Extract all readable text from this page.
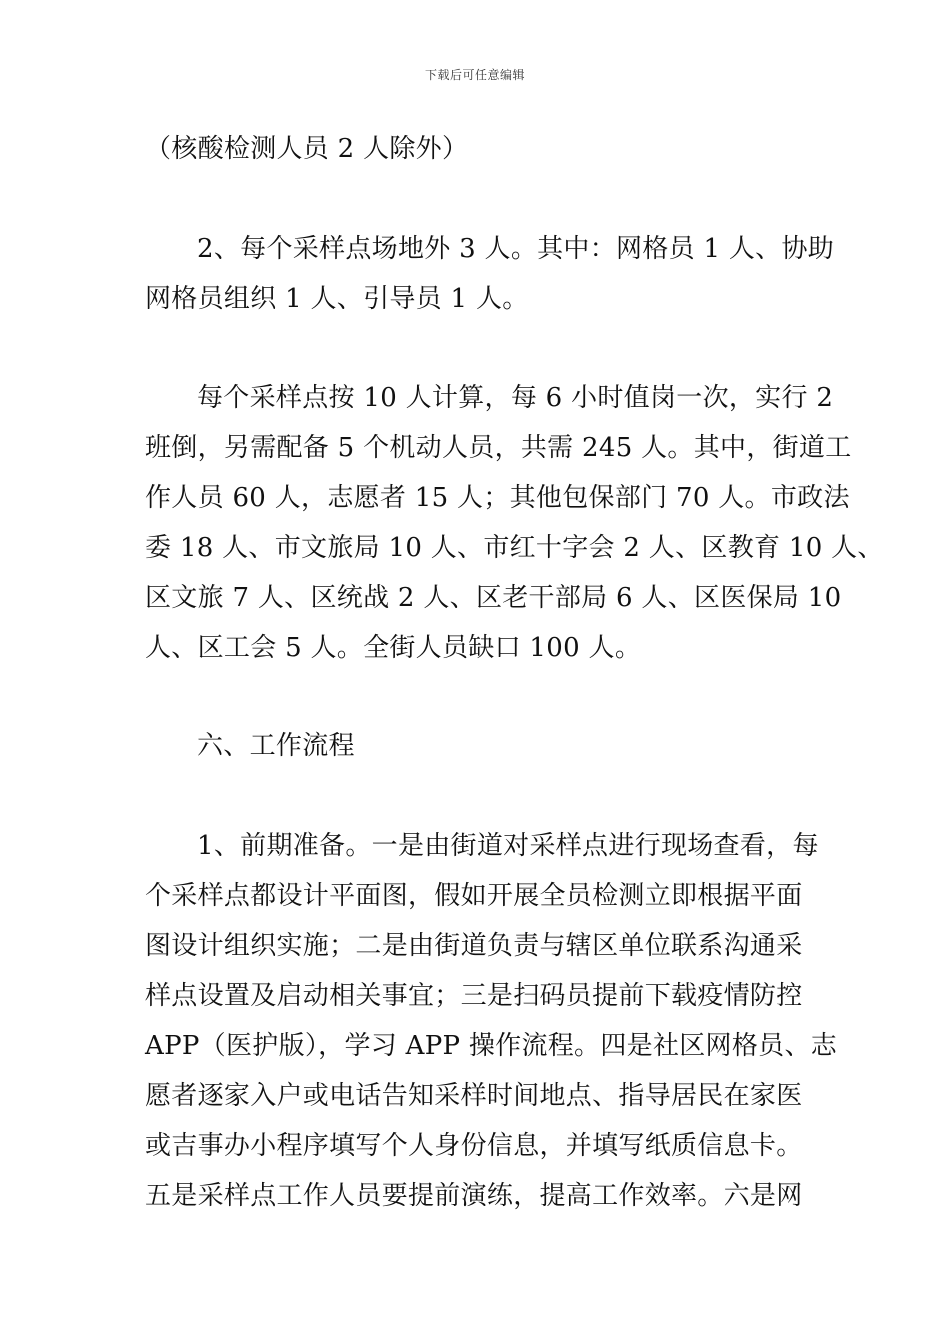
下载后可任意编辑
（核酸检测人员 2 人除外）
2、每个采样点场地外 3 人。其中：网格员 1 人、协助
网格员组织 1 人、引导员 1 人。
每个采样点按 10 人计算，每 6 小时值岗一次，实行 2
班倒，另需配备 5 个机动人员，共需 245 人。其中，街道工
作人员 60 人，志愿者 15 人；其他包保部门 70 人。市政法
委 18 人、市文旅局 10 人、市红十字会 2 人、区教育 10 人、
区文旅 7 人、区统战 2 人、区老干部局 6 人、区医保局 10
人、区工会 5 人。全街人员缺口 100 人。
六、工作流程
1、前期准备。一是由街道对采样点进行现场查看，每
个采样点都设计平面图，假如开展全员检测立即根据平面
图设计组织实施；二是由街道负责与辖区单位联系沟通采
样点设置及启动相关事宜；三是扫码员提前下载疫情防控
APP（医护版），学习 APP 操作流程。四是社区网格员、志
愿者逐家入户或电话告知采样时间地点、指导居民在家医
或吉事办小程序填写个人身份信息，并填写纸质信息卡。
五是采样点工作人员要提前演练，提高工作效率。六是网
